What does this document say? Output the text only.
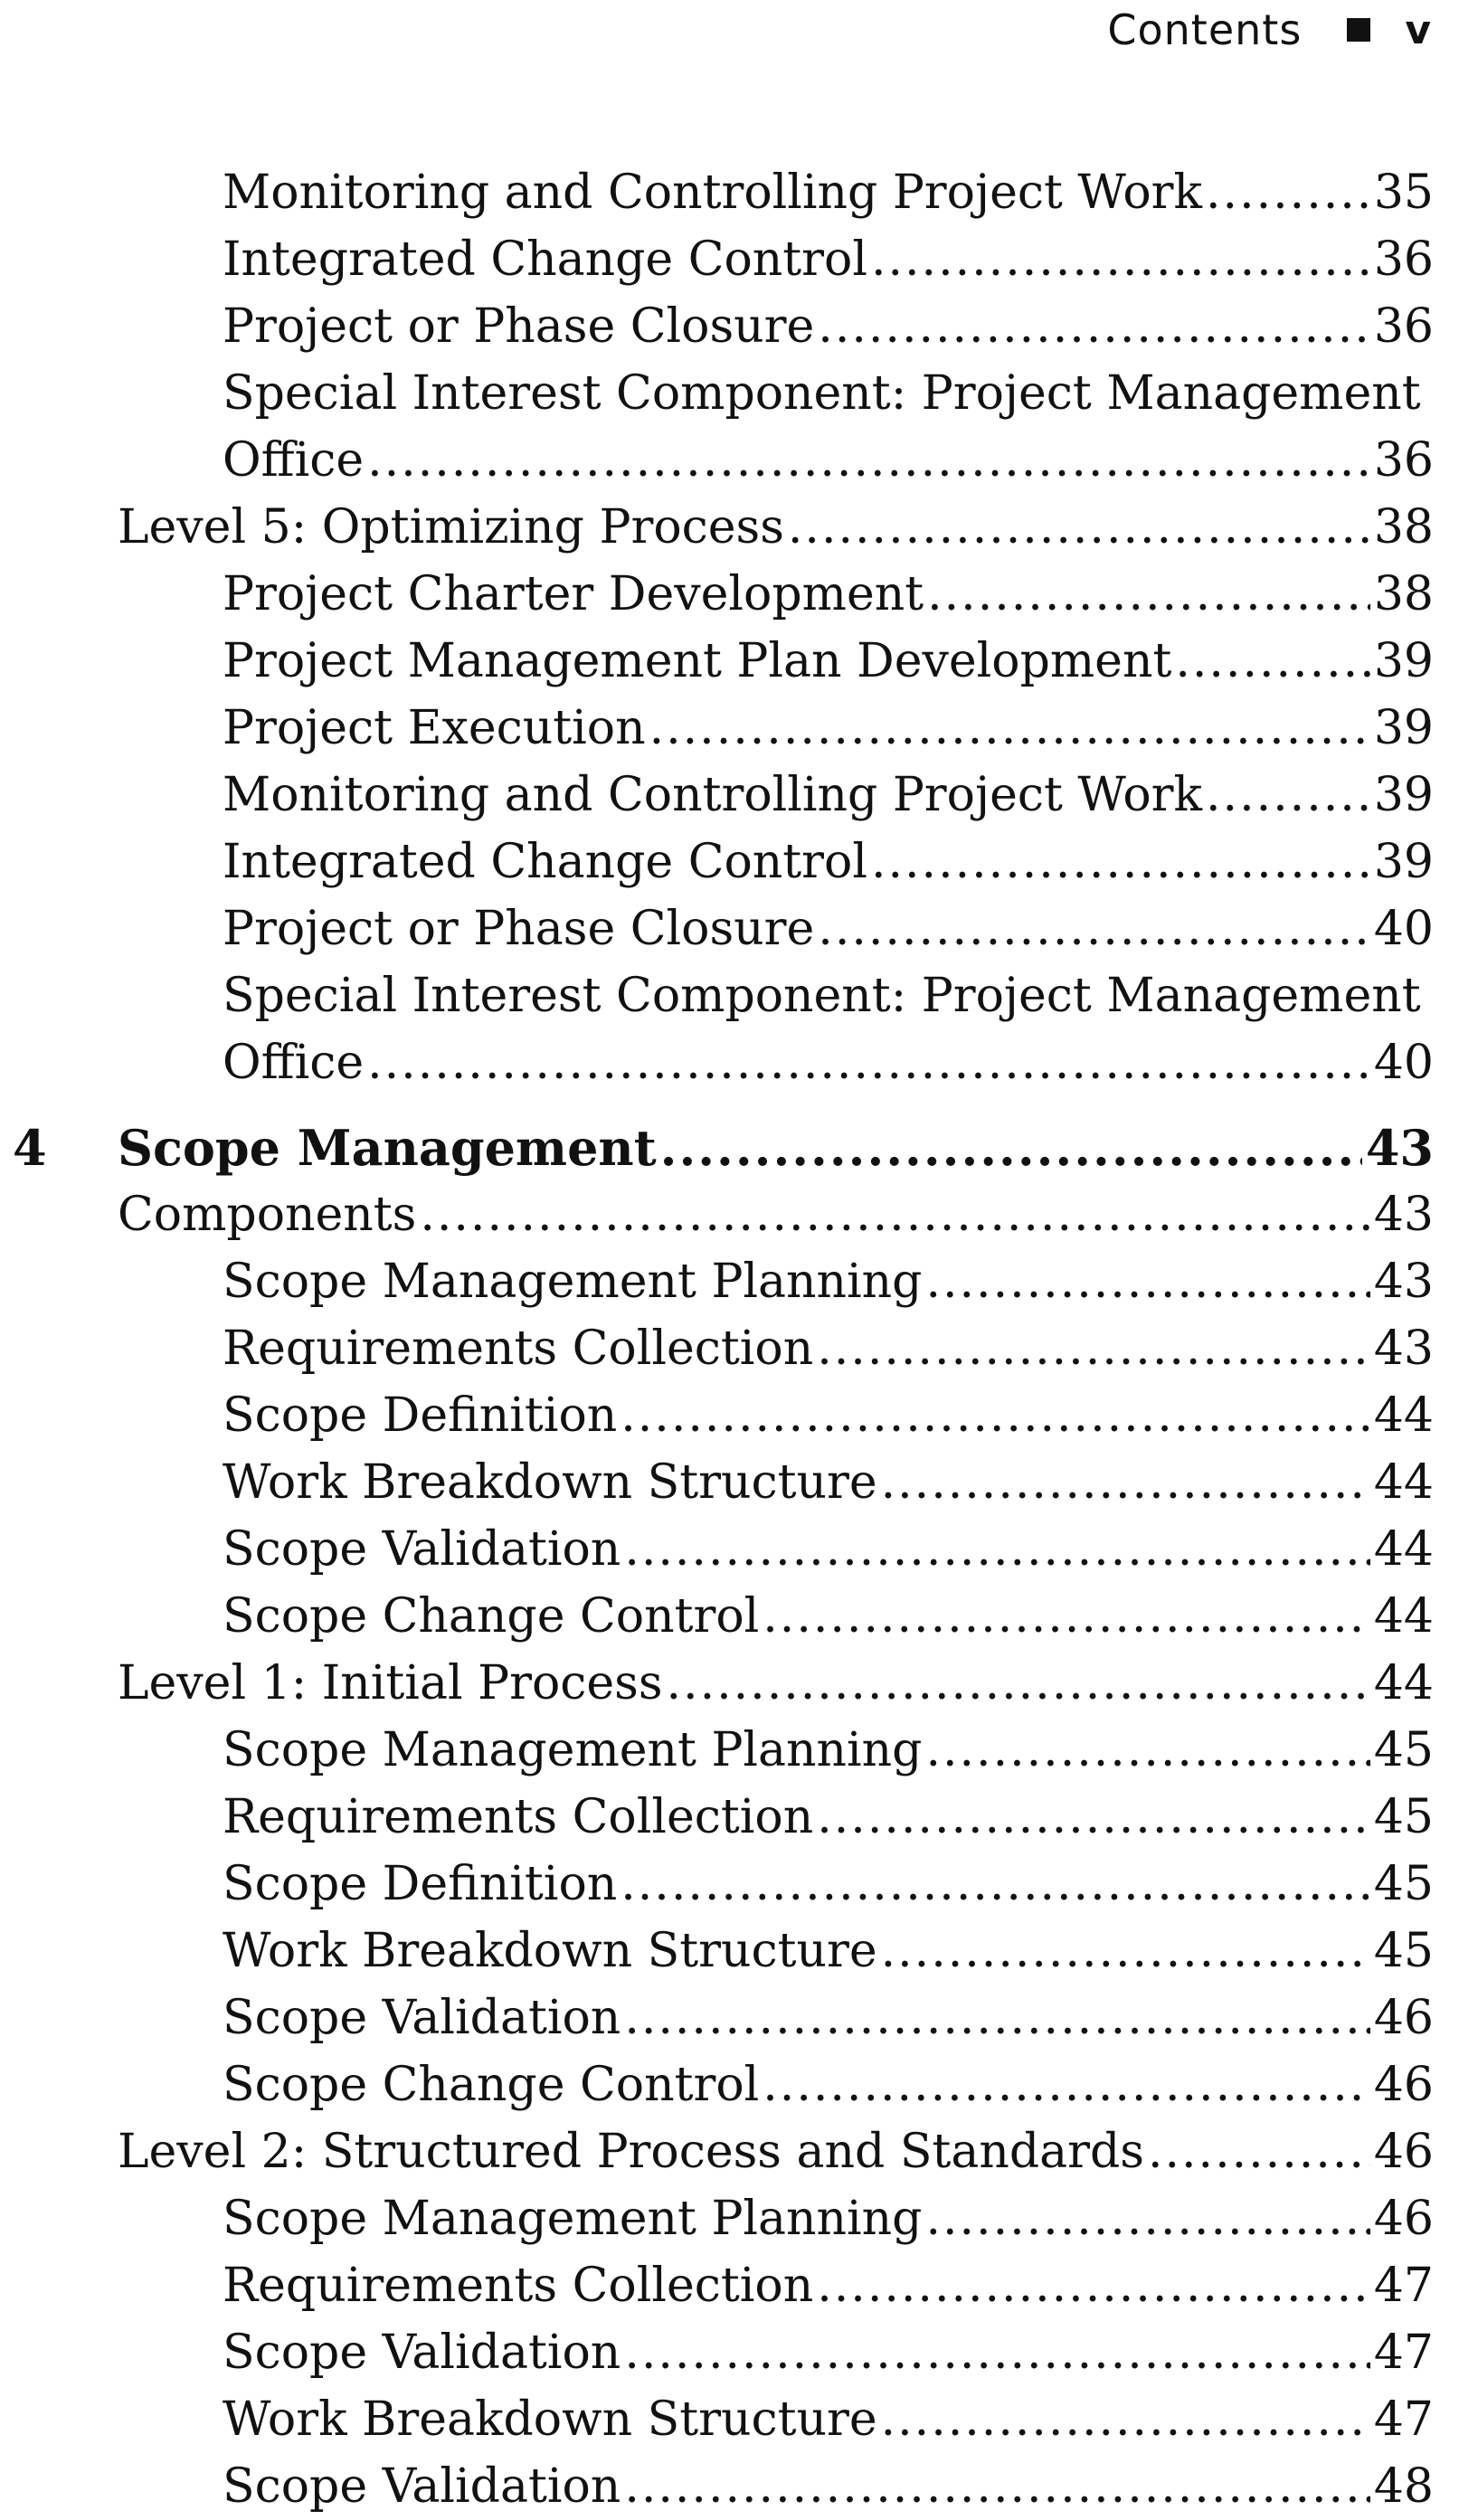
Contents	v
Monitoring and Controlling Project Work .....	35
Integrated Change Control .....	36
Project or Phase Closure .....	36
Special Interest Component: Project Management
Office .....	36
Level 5: Optimizing Process .....	38
Project Charter Development .....	38
Project Management Plan Development .....	39
Project Execution .....	39
Monitoring and Controlling Project Work .....	39
Integrated Change Control .....	39
Project or Phase Closure .....	40
Special Interest Component: Project Management
Office .....	40
4 Scope Management .....	43
Components .....	43
Scope Management Planning .....	43
Requirements Collection .....	43
Scope Definition .....	44
Work Breakdown Structure .....	44
Scope Validation .....	44
Scope Change Control .....	44
Level 1: Initial Process .....	44
Scope Management Planning .....	45
Requirements Collection .....	45
Scope Definition .....	45
Work Breakdown Structure .....	45
Scope Validation .....	46
Scope Change Control .....	46
Level 2: Structured Process and Standards .....	46
Scope Management Planning .....	46
Requirements Collection .....	47
Scope Validation .....	47
Work Breakdown Structure .....	47
Scope Validation .....	48
